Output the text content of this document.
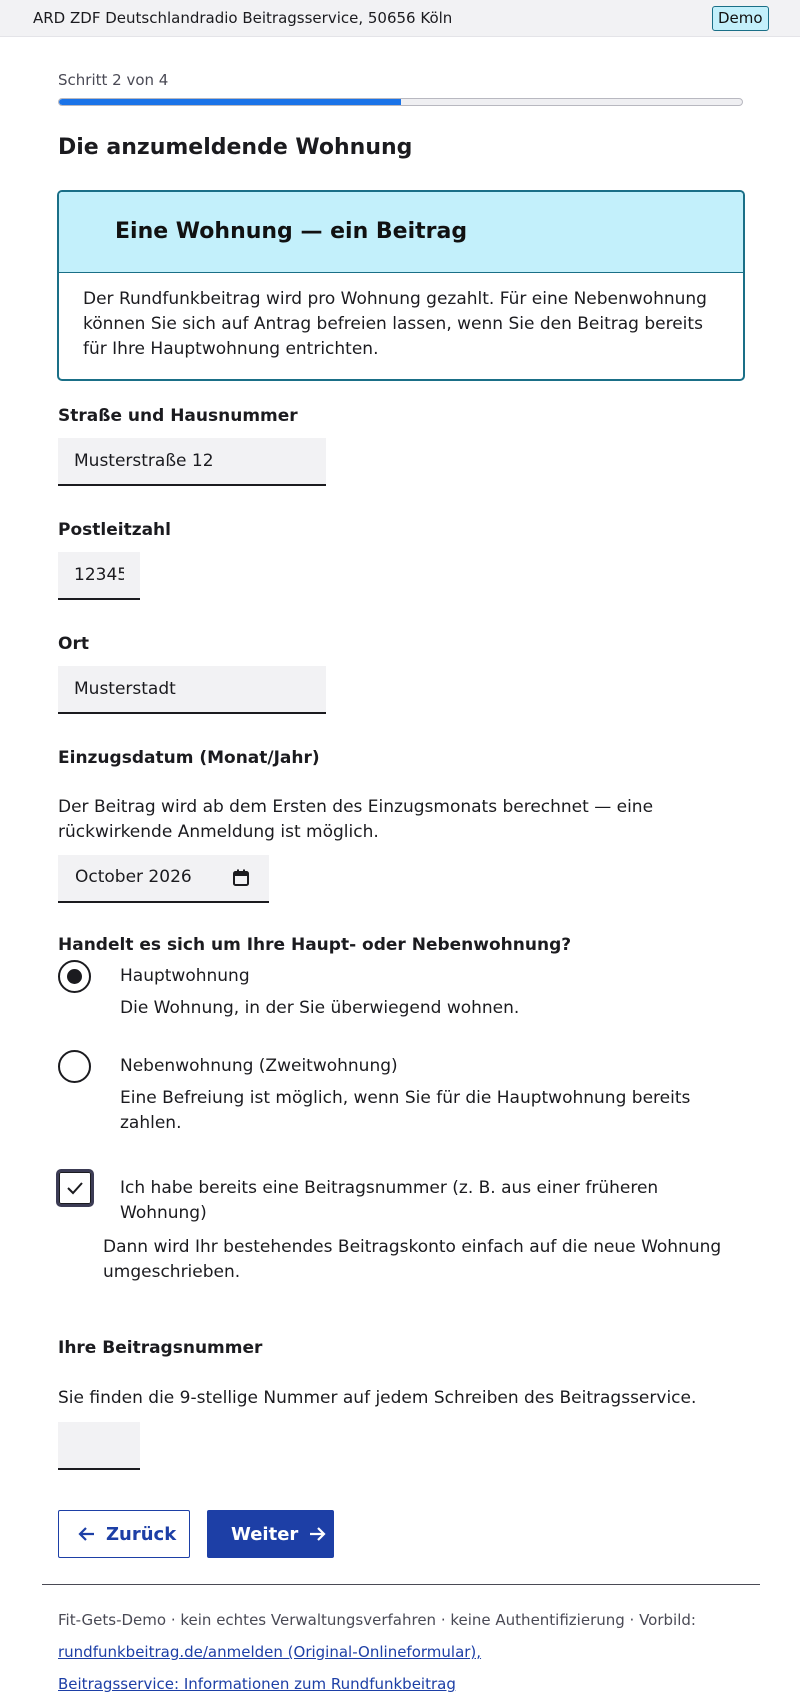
ARD ZDF Deutschlandradio Beitragsservice, 50656 Köln	Demo
Schritt 2 von 4
Die anzumeldende Wohnung
Eine Wohnung — ein Beitrag
Der Rundfunkbeitrag wird pro Wohnung gezahlt. Für eine Nebenwohnung können Sie sich auf Antrag befreien lassen, wenn Sie den Beitrag bereits für Ihre Hauptwohnung entrichten.
Straße und Hausnummer
Musterstraße 12
Postleitzahl
12345
Ort
Musterstadt
Einzugsdatum (Monat/Jahr)
Der Beitrag wird ab dem Ersten des Einzugsmonats berechnet — eine rückwirkende Anmeldung ist möglich.
October 2026
Handelt es sich um Ihre Haupt- oder Nebenwohnung?
Hauptwohnung
Die Wohnung, in der Sie überwiegend wohnen.
Nebenwohnung (Zweitwohnung)
Eine Befreiung ist möglich, wenn Sie für die Hauptwohnung bereits zahlen.
Ich habe bereits eine Beitragsnummer (z. B. aus einer früheren Wohnung)
Dann wird Ihr bestehendes Beitragskonto einfach auf die neue Wohnung umgeschrieben.
Ihre Beitragsnummer
Sie finden die 9-stellige Nummer auf jedem Schreiben des Beitragsservice.
Zurück	Weiter
Fit-Gets-Demo · kein echtes Verwaltungsverfahren · keine Authentifizierung · Vorbild:
rundfunkbeitrag.de/anmelden (Original-Onlineformular),
Beitragsservice: Informationen zum Rundfunkbeitrag
